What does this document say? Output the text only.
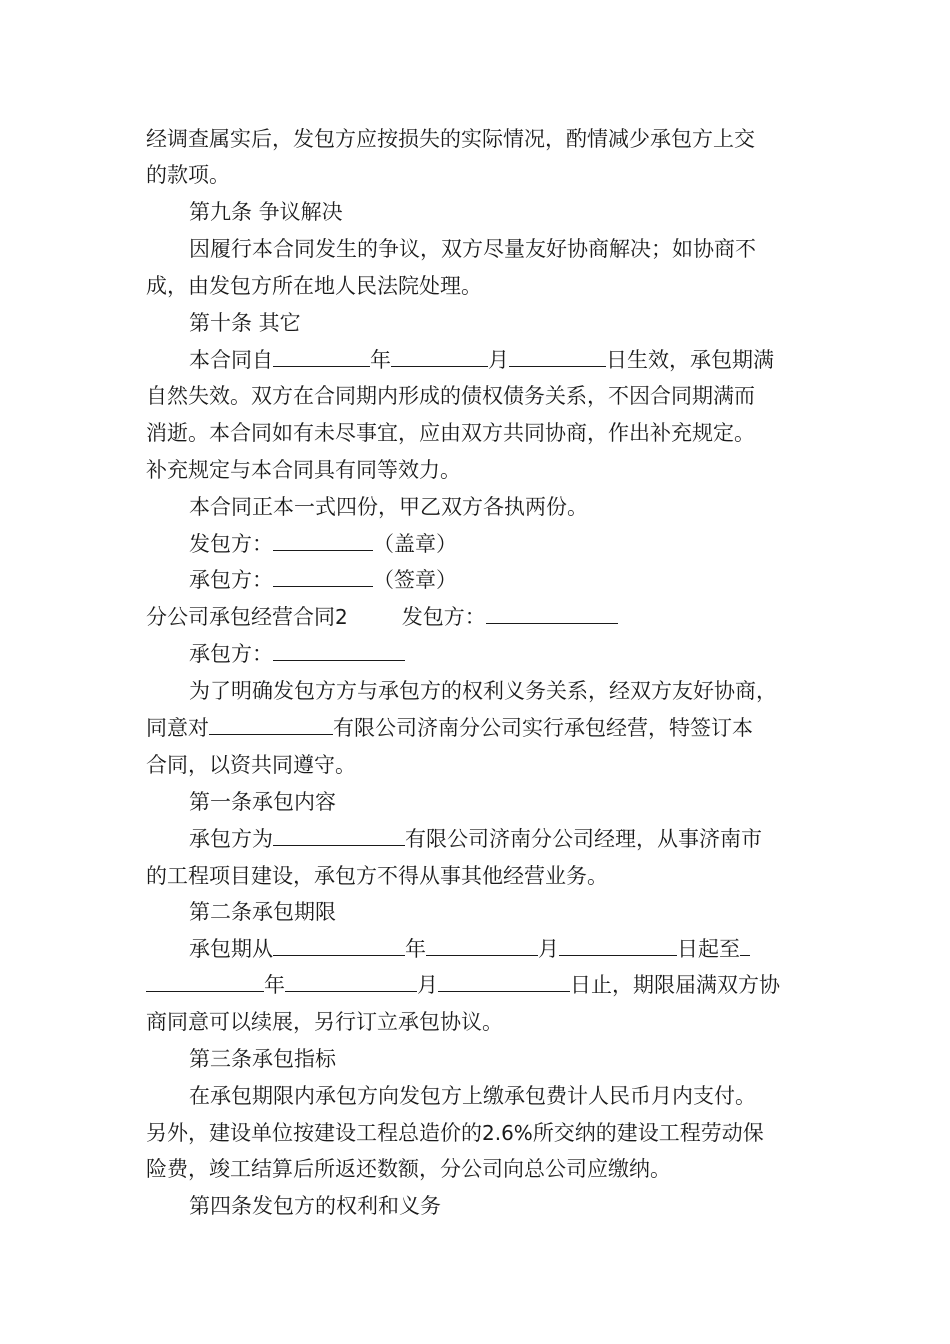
经调查属实后，发包方应按损失的实际情况，酌情减少承包方上交
的款项。
第九条 争议解决
因履行本合同发生的争议，双方尽量友好协商解决；如协商不
成，由发包方所在地人民法院处理。
第十条 其它
本合同自	年	月	日生效，承包期满
自然失效。双方在合同期内形成的债权债务关系，不因合同期满而
消逝。本合同如有未尽事宜，应由双方共同协商，作出补充规定。
补充规定与本合同具有同等效力。
本合同正本一式四份，甲乙双方各执两份。
发包方：	（盖章）
承包方：	（签章）
分公司承包经营合同2	发包方：
承包方：
为了明确发包方方与承包方的权利义务关系，经双方友好协商，
同意对	有限公司济南分公司实行承包经营，特签订本
合同，以资共同遵守。
第一条承包内容
承包方为	有限公司济南分公司经理，从事济南市
的工程项目建设，承包方不得从事其他经营业务。
第二条承包期限
承包期从	年	月	日起至
年	月	日止，期限届满双方协
商同意可以续展，另行订立承包协议。
第三条承包指标
在承包期限内承包方向发包方上缴承包费计人民币月内支付。
另外，建设单位按建设工程总造价的2.6%所交纳的建设工程劳动保
险费，竣工结算后所返还数额，分公司向总公司应缴纳。
第四条发包方的权利和义务
